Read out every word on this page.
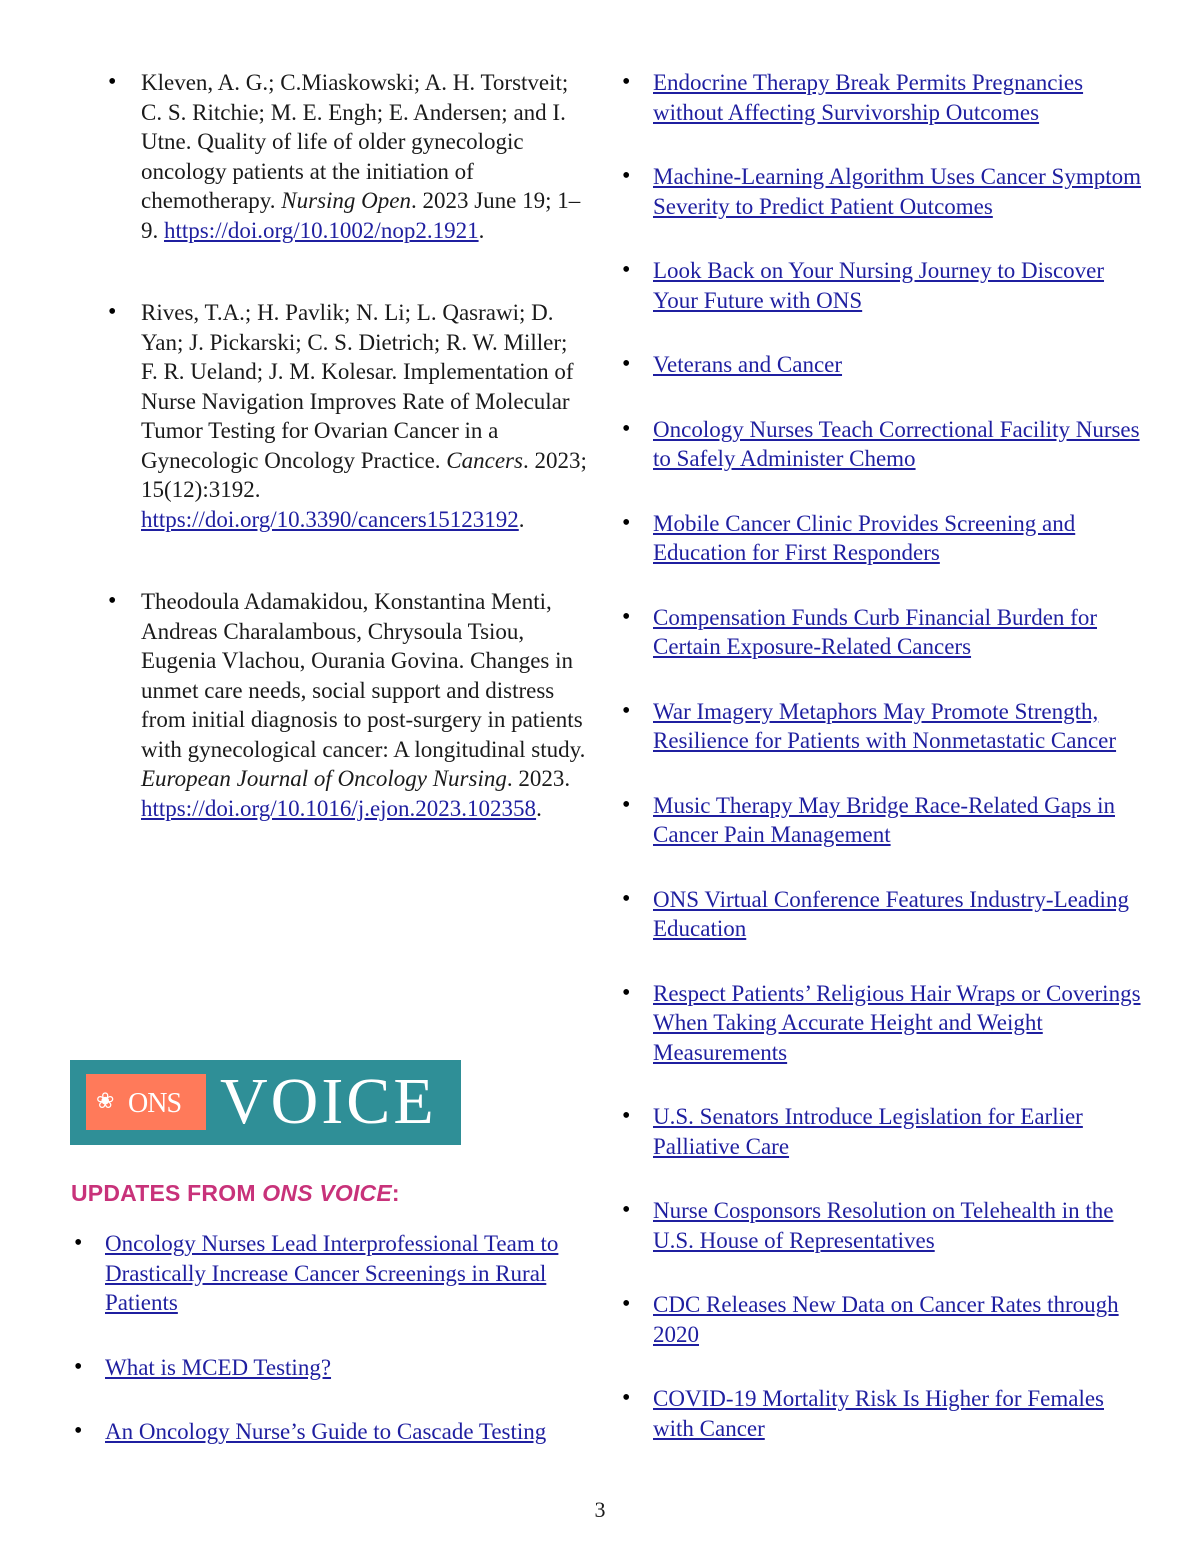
• Kleven, A. G.; C.Miaskowski; A. H. Torstveit; C. S. Ritchie; M. E. Engh; E. Andersen; and I. Utne. Quality of life of older gynecologic oncology patients at the initiation of chemotherapy. Nursing Open. 2023 June 19; 1– 9. https://doi.org/10.1002/nop2.1921.
• Rives, T.A.; H. Pavlik; N. Li; L. Qasrawi; D. Yan; J. Pickarski; C. S. Dietrich; R. W. Miller; F. R. Ueland; J. M. Kolesar. Implementation of Nurse Navigation Improves Rate of Molecular Tumor Testing for Ovarian Cancer in a Gynecologic Oncology Practice. Cancers. 2023; 15(12):3192. https://doi.org/10.3390/cancers15123192.
• Theodoula Adamakidou, Konstantina Menti, Andreas Charalambous, Chrysoula Tsiou, Eugenia Vlachou, Ourania Govina. Changes in unmet care needs, social support and distress from initial diagnosis to post-surgery in patients with gynecological cancer: A longitudinal study. European Journal of Oncology Nursing. 2023. https://doi.org/10.1016/j.ejon.2023.102358.
❀ ONS VOICE
UPDATES FROM ONS VOICE:
• Oncology Nurses Lead Interprofessional Team to Drastically Increase Cancer Screenings in Rural Patients
• What is MCED Testing?
• An Oncology Nurse’s Guide to Cascade Testing
• Endocrine Therapy Break Permits Pregnancies without Affecting Survivorship Outcomes
• Machine-Learning Algorithm Uses Cancer Symptom Severity to Predict Patient Outcomes
• Look Back on Your Nursing Journey to Discover Your Future with ONS
• Veterans and Cancer
• Oncology Nurses Teach Correctional Facility Nurses to Safely Administer Chemo
• Mobile Cancer Clinic Provides Screening and Education for First Responders
• Compensation Funds Curb Financial Burden for Certain Exposure-Related Cancers
• War Imagery Metaphors May Promote Strength, Resilience for Patients with Nonmetastatic Cancer
• Music Therapy May Bridge Race-Related Gaps in Cancer Pain Management
• ONS Virtual Conference Features Industry-Leading Education
• Respect Patients’ Religious Hair Wraps or Coverings When Taking Accurate Height and Weight Measurements
• U.S. Senators Introduce Legislation for Earlier Palliative Care
• Nurse Cosponsors Resolution on Telehealth in the U.S. House of Representatives
• CDC Releases New Data on Cancer Rates through 2020
• COVID-19 Mortality Risk Is Higher for Females with Cancer
3
